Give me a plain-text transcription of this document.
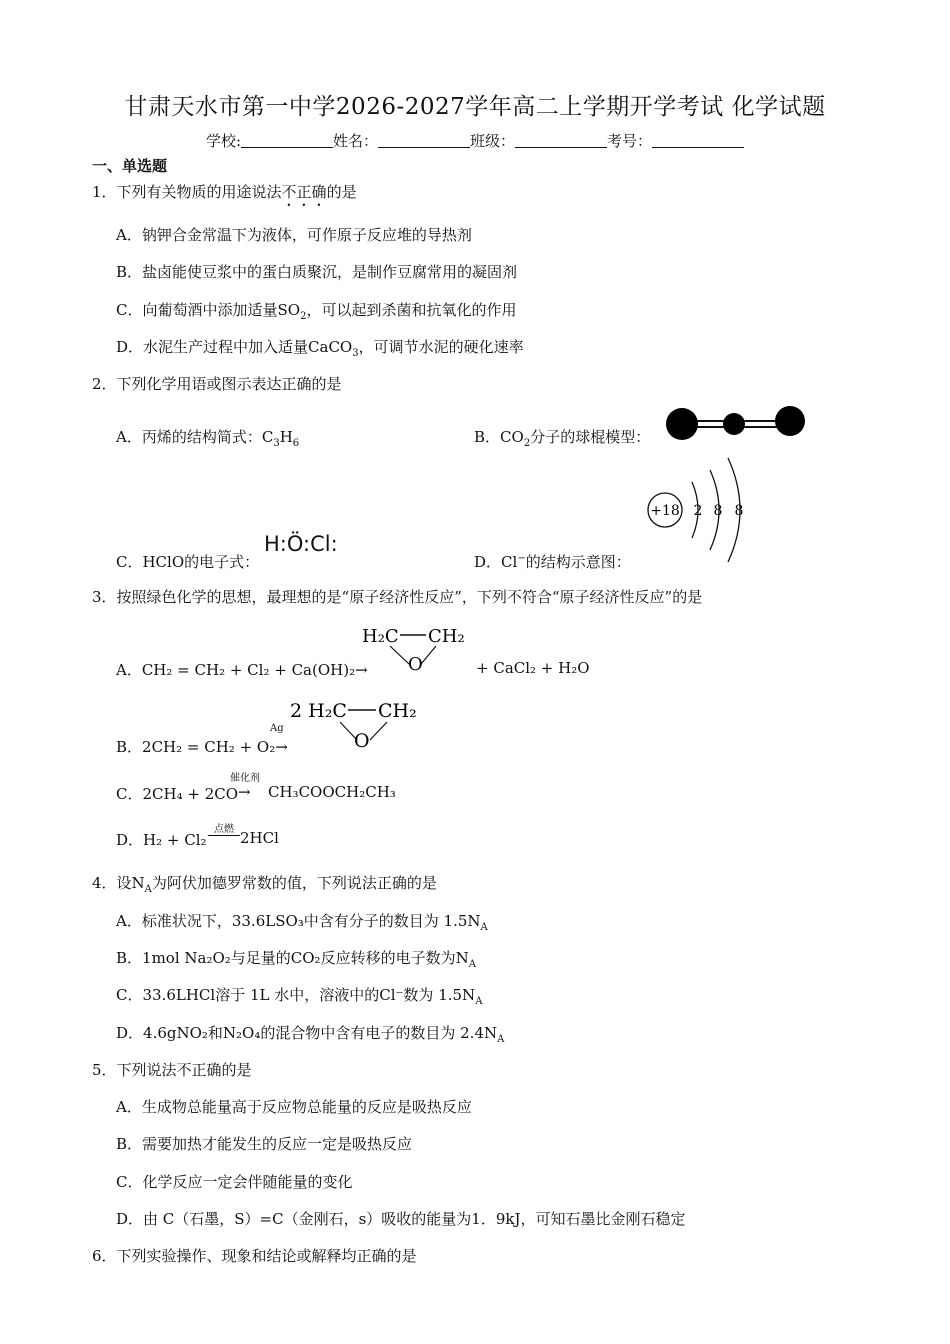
甘肃天水市第一中学2026-2027学年高二上学期开学考试 化学试题
学校:	姓名：	班级：	考号：
一、单选题
1．下列有关物质的用途说法不正确的是
A．钠钾合金常温下为液体，可作原子反应堆的导热剂
B．盐卤能使豆浆中的蛋白质聚沉，是制作豆腐常用的凝固剂
C．向葡萄酒中添加适量$SO_2$，可以起到杀菌和抗氧化的作用
D．水泥生产过程中加入适量CaCO$_3$，可调节水泥的硬化速率
2．下列化学用语或图示表达正确的是
A．丙烯的结构简式：$C_3H_6$	B．$CO_2$分子的球棍模型：
C．HClO的电子式：
H:Ö:Cl:
D．Cl−的结构示意图：
+18 2 8 8
3．按照绿色化学的思想，最理想的是“原子经济性反应”，下列不符合“原子经济性反应”的是
A．CH₂ = CH₂ + Cl₂ + Ca(OH)₂→
H₂C CH₂
O	+ CaCl₂ + H₂O
B．2CH₂ = CH₂ + O₂→
Ag
2 H₂C CH₂
O
C．2CH₄ + 2CO
催化剂
→ CH₃COOCH₂CH₃
D．H₂ + Cl₂
点燃 2HCl
4．设$N_A$为阿伏加德罗常数的值，下列说法正确的是
A．标准状况下，33.6LSO₃中含有分子的数目为 $1.5N_A$
B．1mol Na₂O₂与足量的CO₂反应转移的电子数为$N_A$
C．33.6LHCl溶于 1L 水中，溶液中的Cl⁻数为 $1.5N_A$
D．4.6gNO₂和N₂O₄的混合物中含有电子的数目为 $2.4N_A$
5．下列说法不正确的是
A．生成物总能量高于反应物总能量的反应是吸热反应
B．需要加热才能发生的反应一定是吸热反应
C．化学反应一定会伴随能量的变化
D．由 C（石墨，S）=C（金刚石，s）吸收的能量为1．9kJ，可知石墨比金刚石稳定
6．下列实验操作、现象和结论或解释均正确的是
